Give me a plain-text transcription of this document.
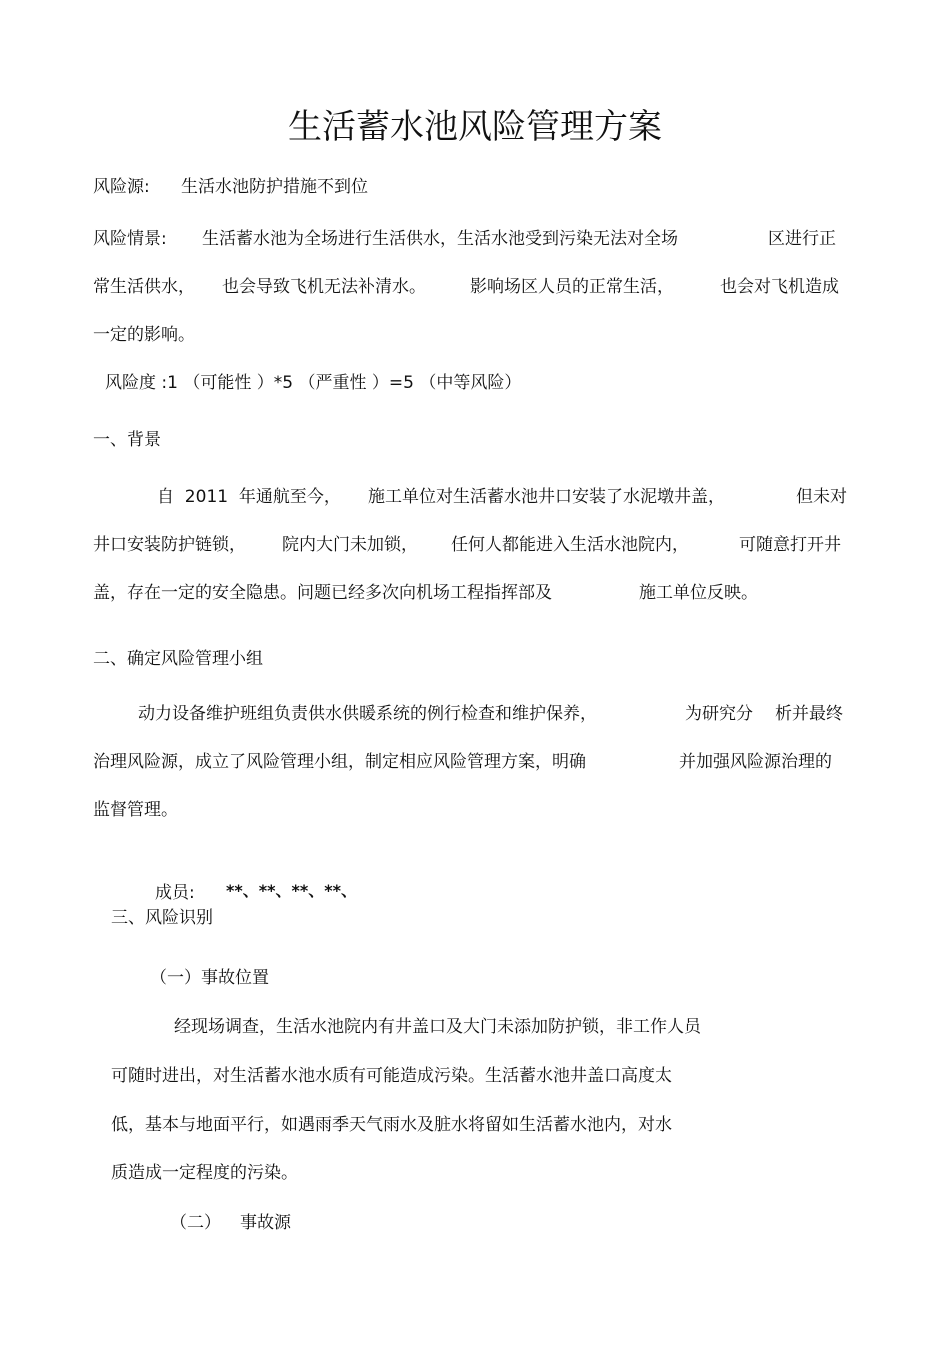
生活蓄水池风险管理方案
风险源: 生活水池防护措施不到位
风险情景: 生活蓄水池为全场进行生活供水，生活水池受到污染无法对全场	区进行正
常生活供水， 也会导致飞机无法补清水。	影响场区人员的正常生活，	也会对飞机造成
一定的影响。
风险度 :1 （可能性 ）*5 （严重性 ）=5 （中等风险）
一、背景
自  2011  年通航至今， 施工单位对生活蓄水池井口安装了水泥墩井盖，	但未对
井口安装防护链锁， 院内大门未加锁， 任何人都能进入生活水池院内，	可随意打开井
盖，存在一定的安全隐患。问题已经多次向机场工程指挥部及	施工单位反映。
二、确定风险管理小组
动力设备维护班组负责供水供暖系统的例行检查和维护保养，	为研究分 析并最终
治理风险源，成立了风险管理小组，制定相应风险管理方案，明确	并加强风险源治理的
监督管理。
成员: **、**、**、**、
三、风险识别
（一）事故位置
经现场调查，生活水池院内有井盖口及大门未添加防护锁，非工作人员
可随时进出，对生活蓄水池水质有可能造成污染。生活蓄水池井盖口高度太
低，基本与地面平行，如遇雨季天气雨水及脏水将留如生活蓄水池内，对水
质造成一定程度的污染。
（二） 事故源
